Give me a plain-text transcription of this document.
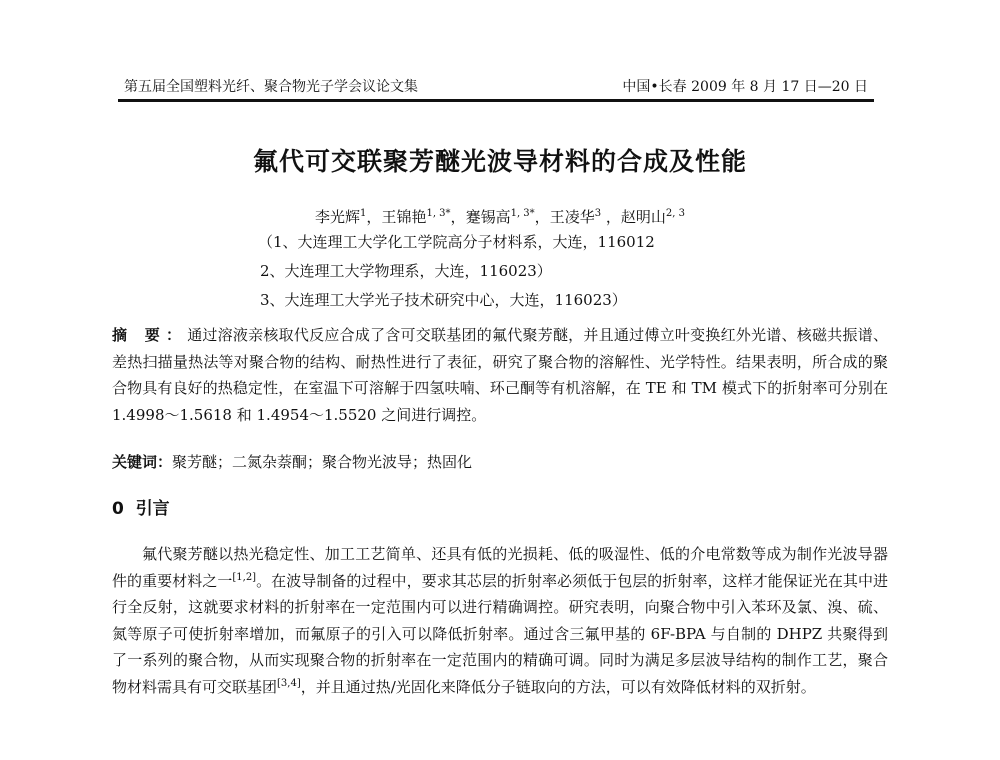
第五届全国塑料光纤、聚合物光子学会议论文集	中国•长春 2009 年 8 月 17 日—20 日
氟代可交联聚芳醚光波导材料的合成及性能
李光辉$^1$，王锦艳$^{1, 3*}$，蹇锡高$^{1, 3*}$，王凌华$^3$ ，赵明山$^{2, 3}$
（1、大连理工大学化工学院高分子材料系，大连，116012
2、大连理工大学物理系，大连，116023）
3、大连理工大学光子技术研究中心，大连，116023）
摘 要：通过溶液亲核取代反应合成了含可交联基团的氟代聚芳醚，并且通过傅立叶变换红外光谱、核磁共振谱、差热扫描量热法等对聚合物的结构、耐热性进行了表征，研究了聚合物的溶解性、光学特性。结果表明，所合成的聚合物具有良好的热稳定性，在室温下可溶解于四氢呋喃、环己酮等有机溶解，在 TE 和 TM 模式下的折射率可分别在 1.4998～1.5618 和 1.4954～1.5520 之间进行调控。
关键词：聚芳醚；二氮杂萘酮；聚合物光波导；热固化
0 引言
氟代聚芳醚以热光稳定性、加工工艺简单、还具有低的光损耗、低的吸湿性、低的介电常数等成为制作光波导器件的重要材料之一[1,2]。在波导制备的过程中，要求其芯层的折射率必须低于包层的折射率，这样才能保证光在其中进行全反射，这就要求材料的折射率在一定范围内可以进行精确调控。研究表明，向聚合物中引入苯环及氯、溴、硫、氮等原子可使折射率增加，而氟原子的引入可以降低折射率。通过含三氟甲基的 6F-BPA 与自制的 DHPZ 共聚得到了一系列的聚合物，从而实现聚合物的折射率在一定范围内的精确可调。同时为满足多层波导结构的制作工艺，聚合物材料需具有可交联基团[3,4]，并且通过热/光固化来降低分子链取向的方法，可以有效降低材料的双折射。
